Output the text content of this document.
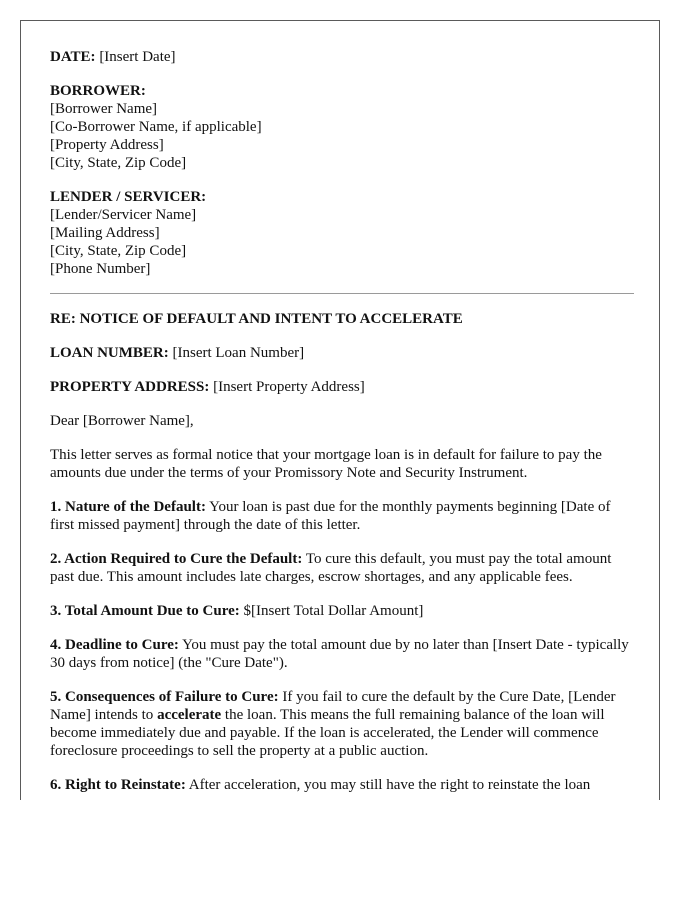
DATE: [Insert Date]
BORROWER:
[Borrower Name]
[Co-Borrower Name, if applicable]
[Property Address]
[City, State, Zip Code]
LENDER / SERVICER:
[Lender/Servicer Name]
[Mailing Address]
[City, State, Zip Code]
[Phone Number]

RE: NOTICE OF DEFAULT AND INTENT TO ACCELERATE

LOAN NUMBER: [Insert Loan Number]

PROPERTY ADDRESS: [Insert Property Address]

Dear [Borrower Name],

This letter serves as formal notice that your mortgage loan is in default for failure to pay the amounts due under the terms of your Promissory Note and Security Instrument.

1. Nature of the Default: Your loan is past due for the monthly payments beginning [Date of first missed payment] through the date of this letter.

2. Action Required to Cure the Default: To cure this default, you must pay the total amount past due. This amount includes late charges, escrow shortages, and any applicable fees.

3. Total Amount Due to Cure: $[Insert Total Dollar Amount]

4. Deadline to Cure: You must pay the total amount due by no later than [Insert Date - typically 30 days from notice] (the "Cure Date").

5. Consequences of Failure to Cure: If you fail to cure the default by the Cure Date, [Lender Name] intends to accelerate the loan. This means the full remaining balance of the loan will become immediately due and payable. If the loan is accelerated, the Lender will commence foreclosure proceedings to sell the property at a public auction.

6. Right to Reinstate: After acceleration, you may still have the right to reinstate the loan
